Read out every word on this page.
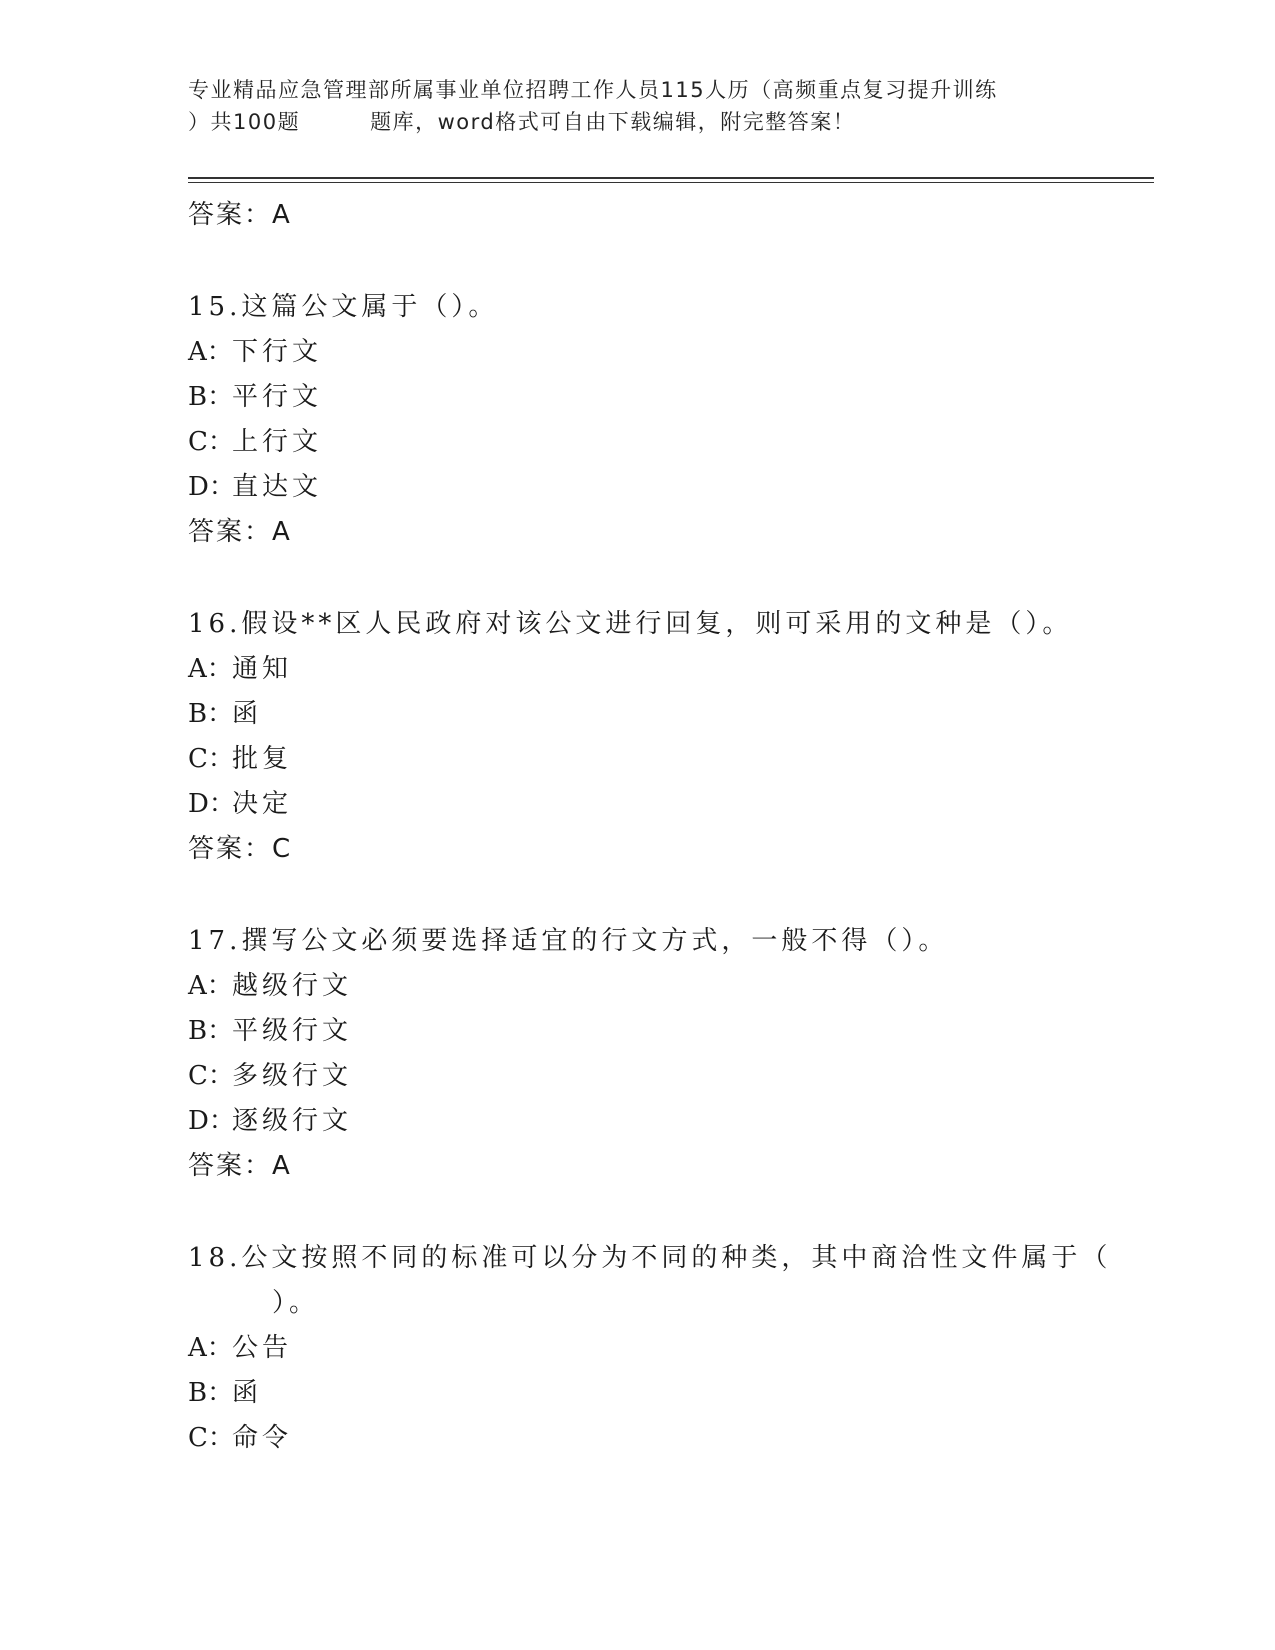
专业精品应急管理部所属事业单位招聘工作人员115人历（高频重点复习提升训练
）共100题	题库，word格式可自由下载编辑，附完整答案！
答案：A
15.这篇公文属于（）。
A：下行文
B：平行文
C：上行文
D：直达文
答案：A
16.假设**区人民政府对该公文进行回复，则可采用的文种是（）。
A：通知
B：函
C：批复
D：决定
答案：C
17.撰写公文必须要选择适宜的行文方式，一般不得（）。
A：越级行文
B：平级行文
C：多级行文
D：逐级行文
答案：A
18.公文按照不同的标准可以分为不同的种类，其中商洽性文件属于（
）。
A：公告
B：函
C：命令
